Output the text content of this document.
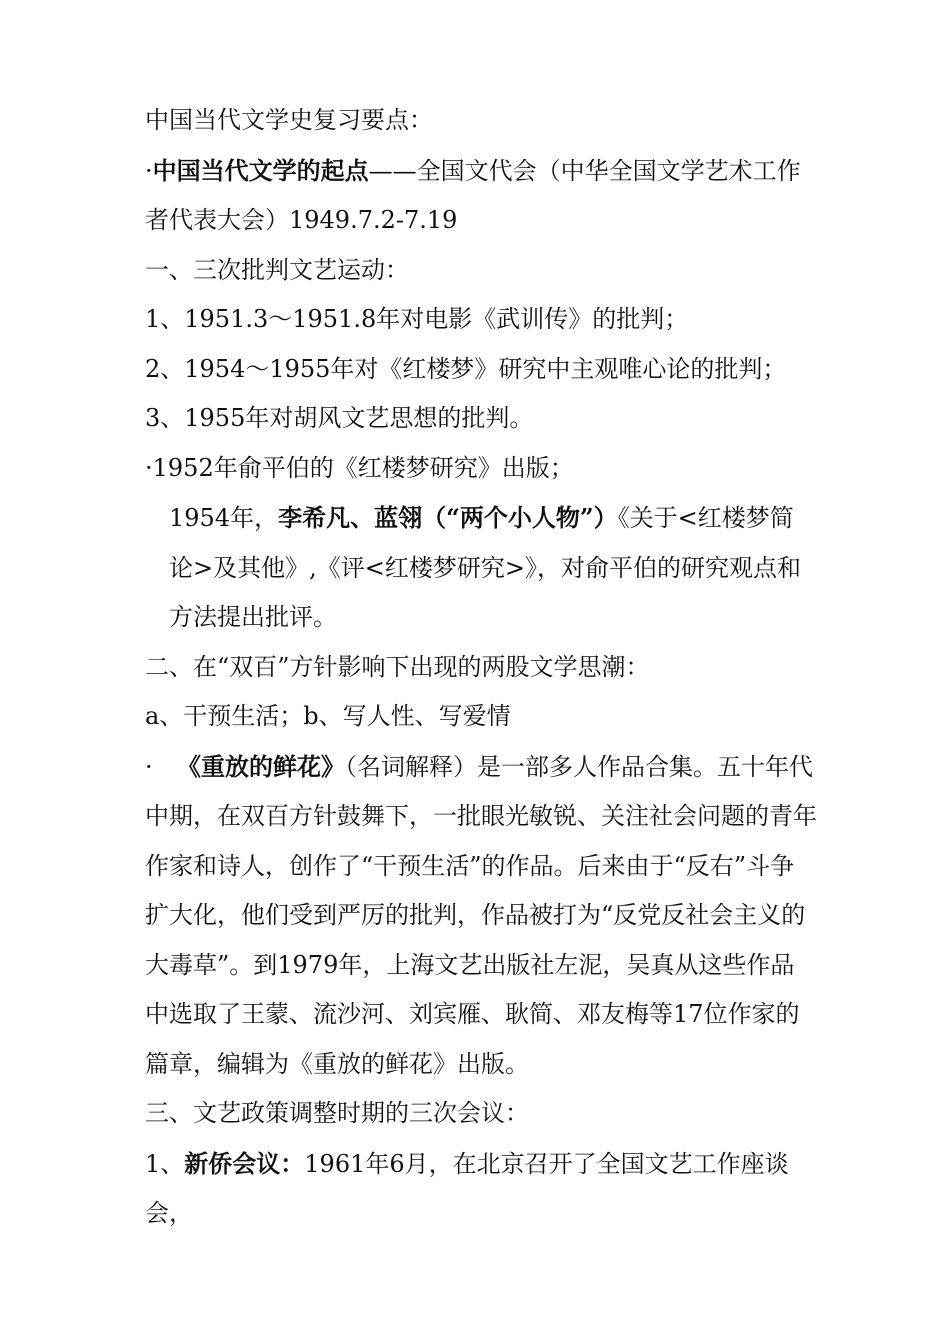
中国当代文学史复习要点：

·中国当代文学的起点——全国文代会（中华全国文学艺术工作者代表大会）1949.7.2-7.19

一、三次批判文艺运动：

1、1951.3～1951.8年对电影《武训传》的批判；

2、1954～1955年对《红楼梦》研究中主观唯心论的批判；

3、1955年对胡风文艺思想的批判。

·1952年俞平伯的《红楼梦研究》出版；

1954年，李希凡、蓝翎（“两个小人物”）《关于<红楼梦简论>及其他》,《评<红楼梦研究>》，对俞平伯的研究观点和方法提出批评。

二、在“双百”方针影响下出现的两股文学思潮：

a、干预生活；b、写人性、写爱情

· 《重放的鲜花》（名词解释）是一部多人作品合集。五十年代中期，在双百方针鼓舞下，一批眼光敏锐、关注社会问题的青年作家和诗人，创作了“干预生活”的作品。后来由于“反右”斗争扩大化，他们受到严厉的批判，作品被打为“反党反社会主义的大毒草”。到1979年，上海文艺出版社左泥，吴真从这些作品中选取了王蒙、流沙河、刘宾雁、耿简、邓友梅等17位作家的篇章，编辑为《重放的鲜花》出版。

三、文艺政策调整时期的三次会议：

1、新侨会议：1961年6月，在北京召开了全国文艺工作座谈会，
